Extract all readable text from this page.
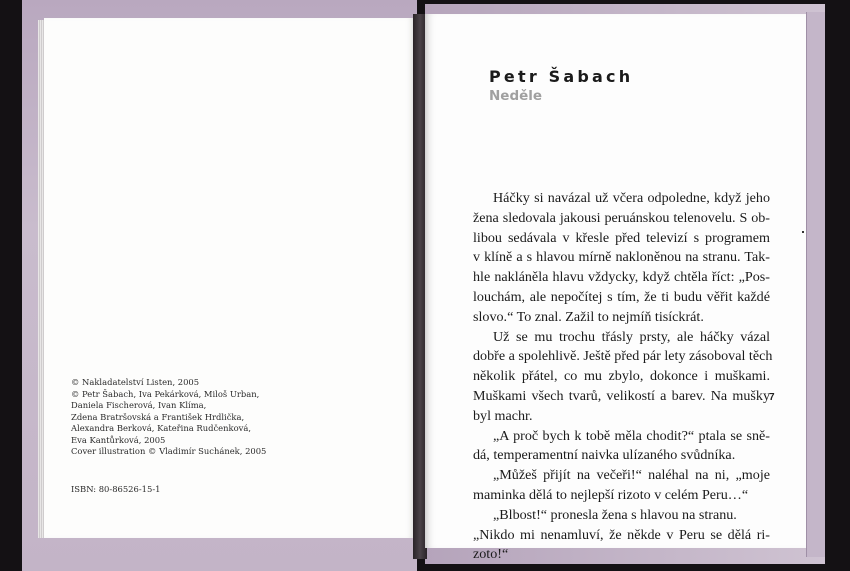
© Nakladatelství Listen, 2005

© Petr Šabach, Iva Pekárková, Miloš Urban,

Daniela Fischerová, Ivan Klíma,

Zdena Bratršovská a František Hrdlička,

Alexandra Berková, Kateřina Rudčenková,

Eva Kantůrková, 2005

Cover illustration © Vladimír Suchánek, 2005

ISBN: 80-86526-15-1
Petr Šabach
Neděle
Háčky si navázal už včera odpoledne, když jeho
žena sledovala jakousi peruánskou telenovelu. S ob-
libou sedávala v křesle před televizí s programem
v klíně a s hlavou mírně nakloněnou na stranu. Tak-
hle nakláněla hlavu vždycky, když chtěla říct: „Pos-
louchám, ale nepočítej s tím, že ti budu věřit každé
slovo.“ To znal. Zažil to nejmíň tisíckrát.
Už se mu trochu třásly prsty, ale háčky vázal
dobře a spolehlivě. Ještě před pár lety zásoboval těch
několik přátel, co mu zbylo, dokonce i muškami.
Muškami všech tvarů, velikostí a barev. Na mušky
byl machr.
„A proč bych k tobě měla chodit?“ ptala se sně-
dá, temperamentní naivka ulízaného svůdníka.
„Můžeš přijít na večeři!“ naléhal na ni, „moje
maminka dělá to nejlepší rizoto v celém Peru…“
„Blbost!“ pronesla žena s hlavou na stranu.
„Nikdo mi nenamluví, že někde v Peru se dělá ri-
zoto!“
7
